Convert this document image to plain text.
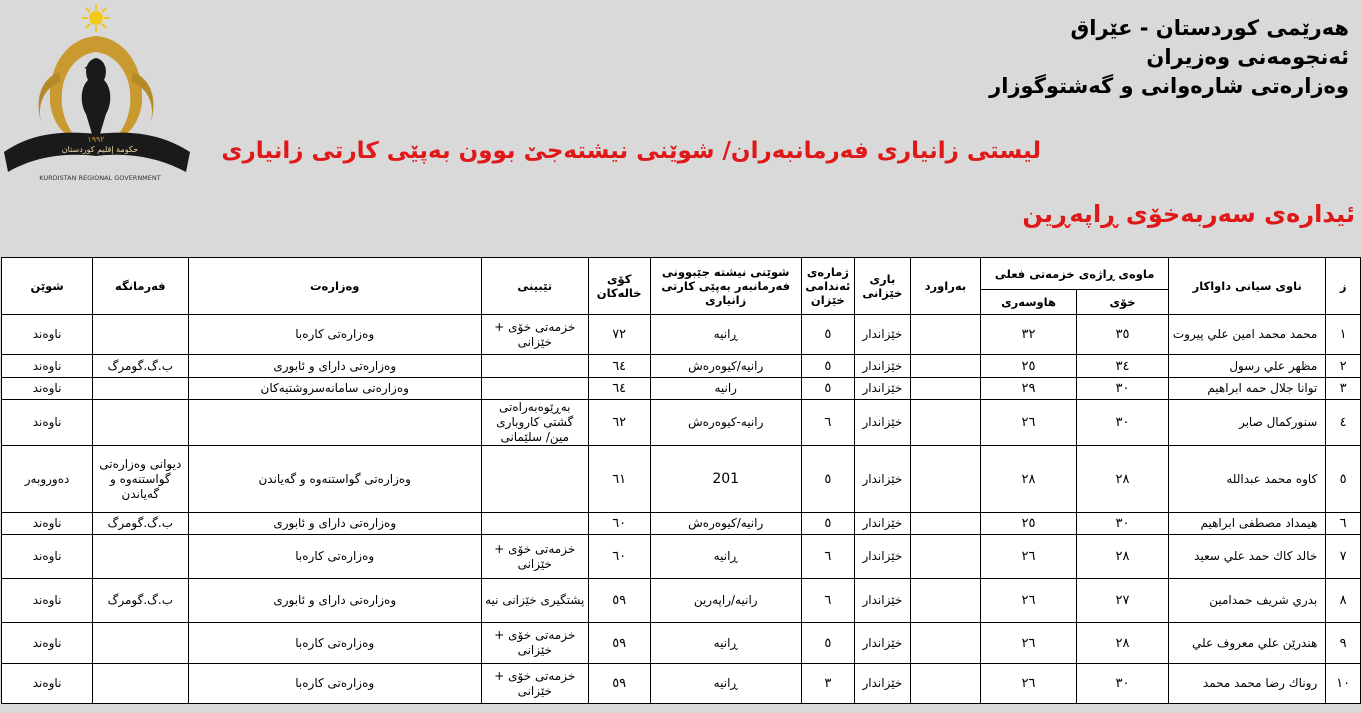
حكومة إقليم كوردستان
KURDISTAN REGIONAL GOVERNMENT
١٩٩٢
هەرێمی کوردستان - عێراق
ئەنجومەنی وەزیران
وەزارەتی شارەوانی و گەشتوگوزار
لیستی زانیاری فەرمانبەران/ شوێنی نیشتەجێ بوون بەپێی کارتی زانیاری
ئیدارەی سەربەخۆی ڕاپەڕین
ز	ناوی سیانی داواکار	ماوەی ڕاژەی خزمەتی فعلی		بەراورد	باری خێزانی	ژمارەی ئەندامی خێزان	شوێنی نیشتە جێبوونی فەرمانبەر بەپێی کارتی زانیاری	کۆی خالەکان	تێبینی	وەزارەت	فەرمانگە	شوێن
		خۆی	هاوسەری									
١	محمد محمد امين علي پيروت	٣٥	٣٢		خێزاندار	٥	ڕانیە	٧٢	خزمەتی خۆی + خێزانی	وەزارەتی کارەبا		ناوەند
٢	مظهر علي رسول	٣٤	٢٥		خێزاندار	٥	رانیە/کیوەرەش	٦٤		وەزارەتی دارای و ئابوری	ب.گ.گومرگ	ناوەند
٣	توانا جلال حمه ابراهيم	٣٠	٢٩		خێزاندار	٥	رانیە	٦٤		وەزارەتی سامانەسروشتیەکان		ناوەند
٤	سنورکمال صابر	٣٠	٢٦		خێزاندار	٦	رانیە-کیوەرەش	٦٢	بەڕێوەبەراەتی گشتی کاروباری مین/ سلێمانی			ناوەند
٥	كاوه محمد عبدالله	٢٨	٢٨		خێزاندار	٥	201	٦١		وەزارەتی گواستنەوە و گەیاندن	دیوانی وەزارەتی گواستنەوە و گەیاندن	دەوروبەر
٦	هيمداد مصطفى ابراهيم	٣٠	٢٥		خێزاندار	٥	رانیە/کیوەرەش	٦٠		وەزارەتی دارای و ئابوری	ب.گ.گومرگ	ناوەند
٧	خالد كاك حمد علي سعيد	٢٨	٢٦		خێزاندار	٦	ڕانیە	٦٠	خزمەتی خۆی + خێزانی	وەزارەتی کارەبا		ناوەند
٨	بدري شريف حمدامين	٢٧	٢٦		خێزاندار	٦	رانیە/راپەرین	٥٩	پشتگیری خێزانی نیە	وەزارەتی دارای و ئابوری	ب.گ.گومرگ	ناوەند
٩	هندرێن علي معروف علي	٢٨	٢٦		خێزاندار	٥	ڕانیە	٥٩	خزمەتی خۆی + خێزانی	وەزارەتی کارەبا		ناوەند
١٠	روناك رضا محمد محمد	٣٠	٢٦		خێزاندار	٣	ڕانیە	٥٩	خزمەتی خۆی + خێزانی	وەزارەتی کارەبا		ناوەند
